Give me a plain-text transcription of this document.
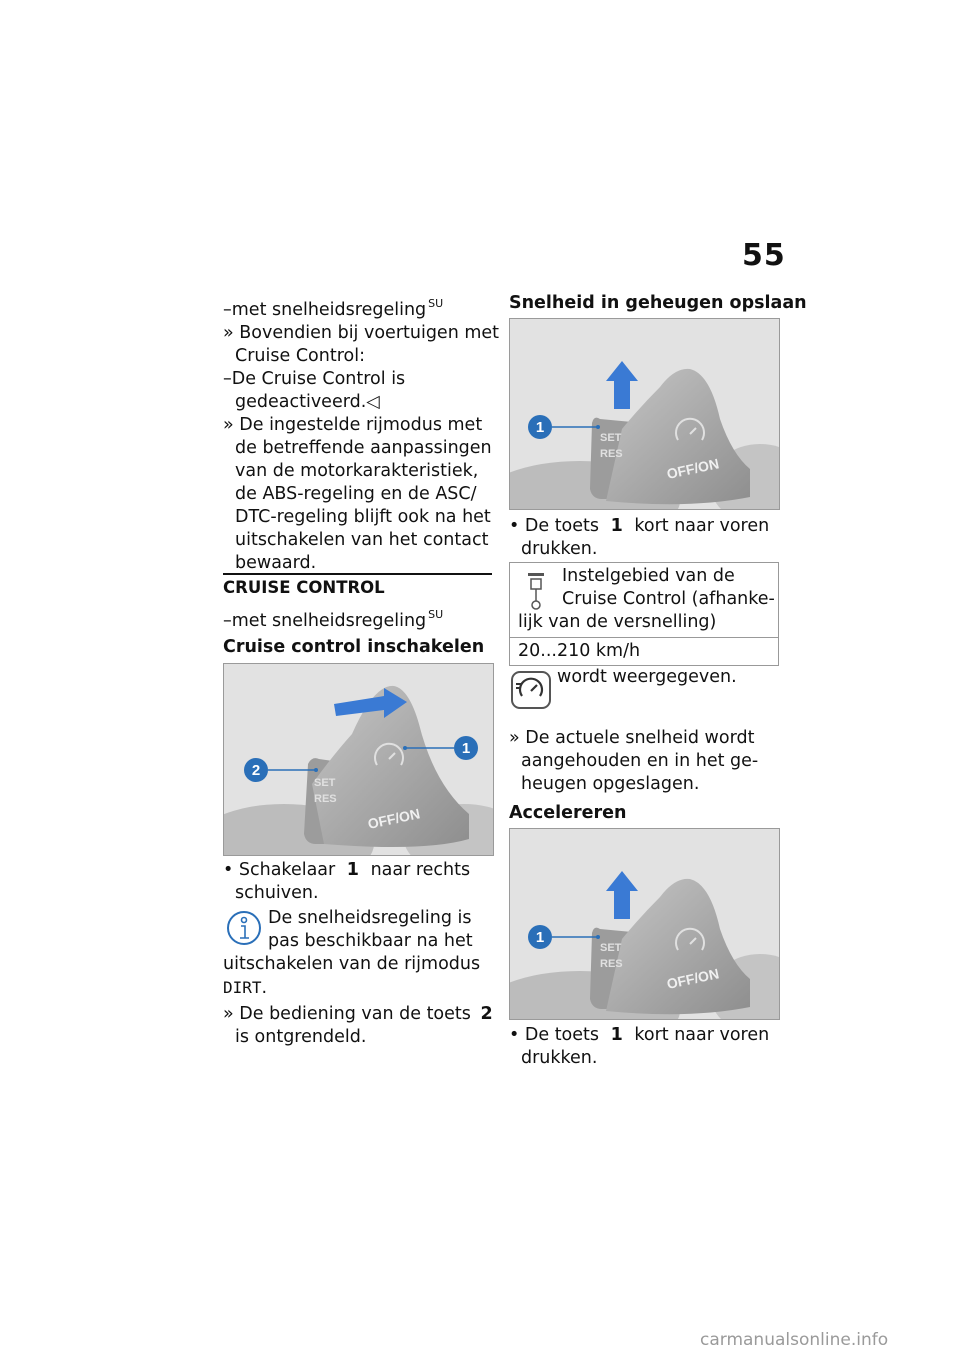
55
–met snelheidsregeling $^{SU}$
» Bovendien bij voertuigen met
Cruise Control:
–De Cruise Control is
gedeactiveerd.◁
» De ingestelde rijmodus met
de betreffende aanpassingen
van de motorkarakteristiek,
de ABS-regeling en de ASC/
DTC-regeling blijft ook na het
uitschakelen van het contact
bewaard.
CRUISE CONTROL
–met snelheidsregeling $^{SU}$
Cruise control inschakelen
SET
RES
OFF/ON
1
2
• Schakelaar 1 naar rechts
schuiven.
De snelheidsregeling is
pas beschikbaar na het
uitschakelen van de rijmodus
DIRT.
» De bediening van de toets 2
is ontgrendeld.
Snelheid in geheugen opslaan
SET
RES
OFF/ON
1
• De toets 1 kort naar voren
drukken.
Instelgebied van de
Cruise Control (afhanke-
lijk van de versnelling)
20...210 km/h
wordt weergegeven.
» De actuele snelheid wordt
aangehouden en in het ge-
heugen opgeslagen.
Accelereren
SET
RES
OFF/ON
1
• De toets 1 kort naar voren
drukken.
carmanualsonline.info
